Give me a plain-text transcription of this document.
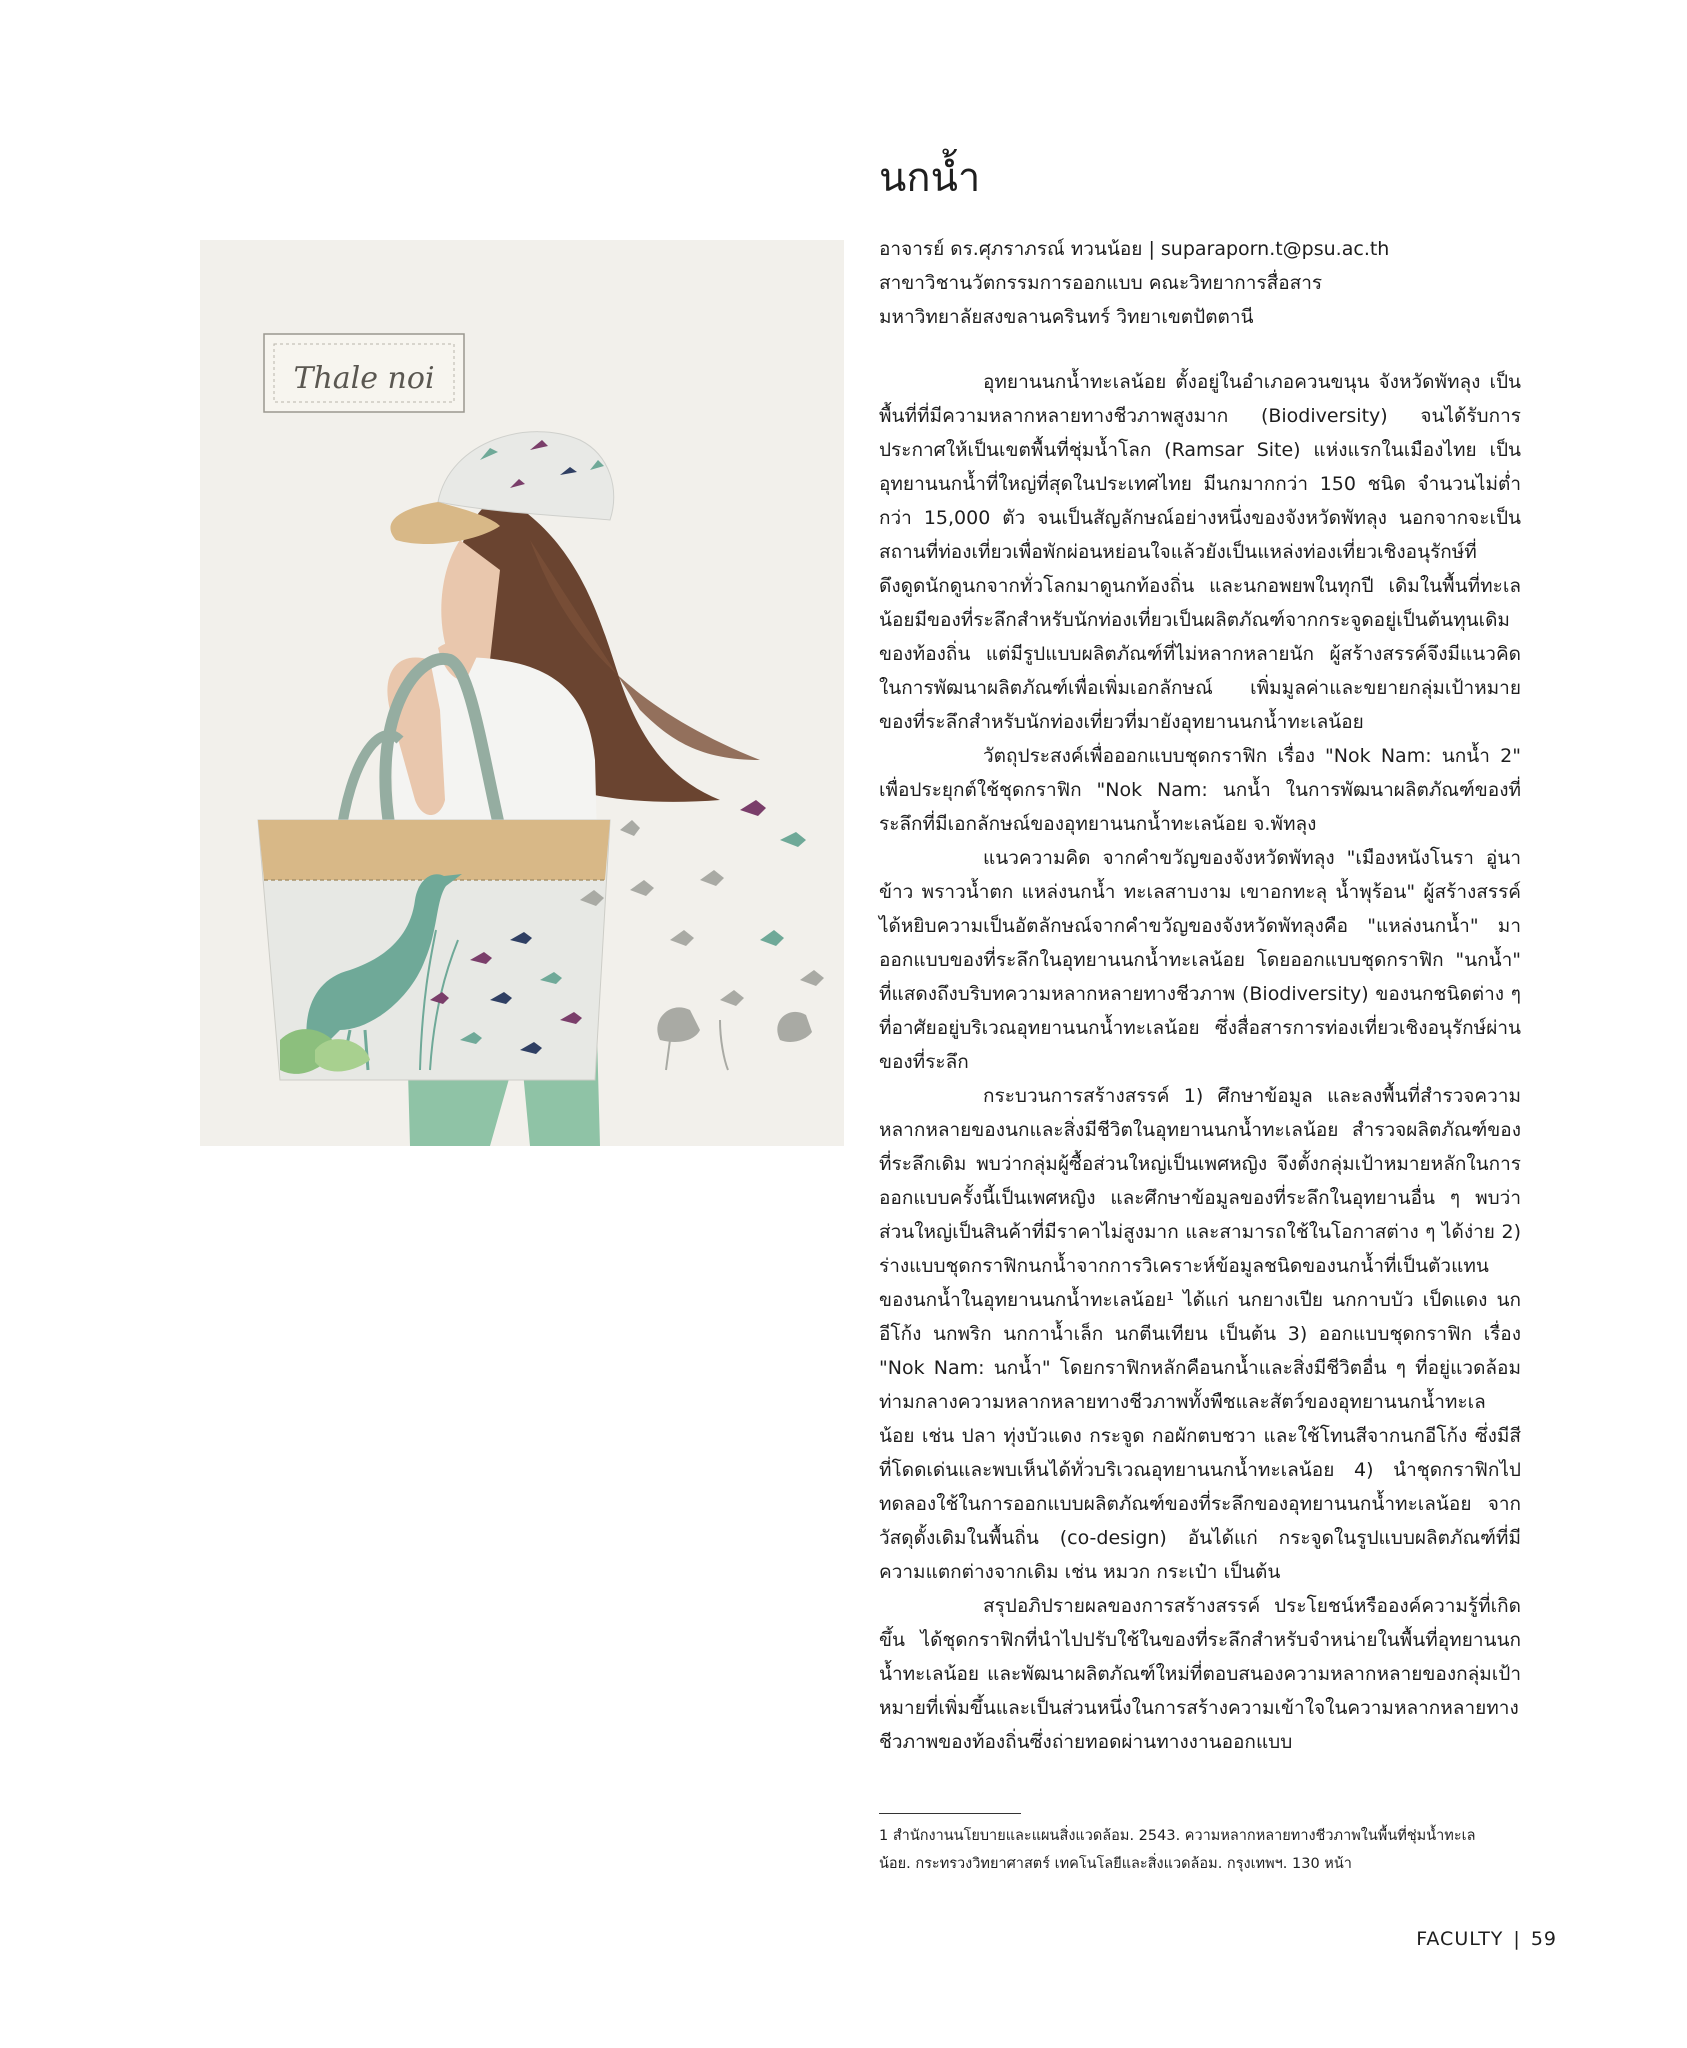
Thale noi
นกน้ำ
อาจารย์ ดร.ศุภราภรณ์ ทวนน้อย | suparaporn.t@psu.ac.th
สาขาวิชานวัตกรรมการออกแบบ คณะวิทยาการสื่อสาร
มหาวิทยาลัยสงขลานครินทร์ วิทยาเขตปัตตานี

อุทยานนกน้ำทะเลน้อย ตั้งอยู่ในอำเภอควนขนุน จังหวัดพัทลุง เป็นพื้นที่ที่มีความหลากหลายทางชีวภาพสูงมาก (Biodiversity) จนได้รับการประกาศให้เป็นเขตพื้นที่ชุ่มน้ำโลก (Ramsar Site) แห่งแรกในเมืองไทย เป็นอุทยานนกน้ำที่ใหญ่ที่สุดในประเทศไทย มีนกมากกว่า 150 ชนิด จำนวนไม่ต่ำกว่า 15,000 ตัว จนเป็นสัญลักษณ์อย่างหนึ่งของจังหวัดพัทลุง นอกจากจะเป็นสถานที่ท่องเที่ยวเพื่อพักผ่อนหย่อนใจแล้วยังเป็นแหล่งท่องเที่ยวเชิงอนุรักษ์ที่ดึงดูดนักดูนกจากทั่วโลกมาดูนกท้องถิ่น และนกอพยพในทุกปี เดิมในพื้นที่ทะเลน้อยมีของที่ระลึกสำหรับนักท่องเที่ยวเป็นผลิตภัณฑ์จากกระจูดอยู่เป็นต้นทุนเดิมของท้องถิ่น แต่มีรูปแบบผลิตภัณฑ์ที่ไม่หลากหลายนัก ผู้สร้างสรรค์จึงมีแนวคิดในการพัฒนาผลิตภัณฑ์เพื่อเพิ่มเอกลักษณ์ เพิ่มมูลค่าและขยายกลุ่มเป้าหมายของที่ระลึกสำหรับนักท่องเที่ยวที่มายังอุทยานนกน้ำทะเลน้อย

วัตถุประสงค์เพื่อออกแบบชุดกราฟิก เรื่อง "Nok Nam: นกน้ำ 2" เพื่อประยุกต์ใช้ชุดกราฟิก "Nok Nam: นกน้ำ ในการพัฒนาผลิตภัณฑ์ของที่ระลึกที่มีเอกลักษณ์ของอุทยานนกน้ำทะเลน้อย จ.พัทลุง

แนวความคิด จากคำขวัญของจังหวัดพัทลุง "เมืองหนังโนรา อู่นาข้าว พราวน้ำตก แหล่งนกน้ำ ทะเลสาบงาม เขาอกทะลุ น้ำพุร้อน" ผู้สร้างสรรค์ได้หยิบความเป็นอัตลักษณ์จากคำขวัญของจังหวัดพัทลุงคือ "แหล่งนกน้ำ" มาออกแบบของที่ระลึกในอุทยานนกน้ำทะเลน้อย โดยออกแบบชุดกราฟิก "นกน้ำ" ที่แสดงถึงบริบทความหลากหลายทางชีวภาพ (Biodiversity) ของนกชนิดต่าง ๆ ที่อาศัยอยู่บริเวณอุทยานนกน้ำทะเลน้อย ซึ่งสื่อสารการท่องเที่ยวเชิงอนุรักษ์ผ่านของที่ระลึก

กระบวนการสร้างสรรค์ 1) ศึกษาข้อมูล และลงพื้นที่สำรวจความหลากหลายของนกและสิ่งมีชีวิตในอุทยานนกน้ำทะเลน้อย สำรวจผลิตภัณฑ์ของที่ระลึกเดิม พบว่ากลุ่มผู้ซื้อส่วนใหญ่เป็นเพศหญิง จึงตั้งกลุ่มเป้าหมายหลักในการออกแบบครั้งนี้เป็นเพศหญิง และศึกษาข้อมูลของที่ระลึกในอุทยานอื่น ๆ พบว่าส่วนใหญ่เป็นสินค้าที่มีราคาไม่สูงมาก และสามารถใช้ในโอกาสต่าง ๆ ได้ง่าย 2) ร่างแบบชุดกราฟิกนกน้ำจากการวิเคราะห์ข้อมูลชนิดของนกน้ำที่เป็นตัวแทนของนกน้ำในอุทยานนกน้ำทะเลน้อย¹ ได้แก่ นกยางเปีย นกกาบบัว เป็ดแดง นกอีโก้ง นกพริก นกกาน้ำเล็ก นกตีนเทียน เป็นต้น 3) ออกแบบชุดกราฟิก เรื่อง "Nok Nam: นกน้ำ" โดยกราฟิกหลักคือนกน้ำและสิ่งมีชีวิตอื่น ๆ ที่อยู่แวดล้อมท่ามกลางความหลากหลายทางชีวภาพทั้งพืชและสัตว์ของอุทยานนกน้ำทะเลน้อย เช่น ปลา ทุ่งบัวแดง กระจูด กอผักตบชวา และใช้โทนสีจากนกอีโก้ง ซึ่งมีสีที่โดดเด่นและพบเห็นได้ทั่วบริเวณอุทยานนกน้ำทะเลน้อย 4) นำชุดกราฟิกไปทดลองใช้ในการออกแบบผลิตภัณฑ์ของที่ระลึกของอุทยานนกน้ำทะเลน้อย จากวัสดุดั้งเดิมในพื้นถิ่น (co-design) อันได้แก่ กระจูดในรูปแบบผลิตภัณฑ์ที่มีความแตกต่างจากเดิม เช่น หมวก กระเป๋า เป็นต้น

สรุปอภิปรายผลของการสร้างสรรค์ ประโยชน์หรือองค์ความรู้ที่เกิดขึ้น ได้ชุดกราฟิกที่นำไปปรับใช้ในของที่ระลึกสำหรับจำหน่ายในพื้นที่อุทยานนกน้ำทะเลน้อย และพัฒนาผลิตภัณฑ์ใหม่ที่ตอบสนองความหลากหลายของกลุ่มเป้าหมายที่เพิ่มขึ้นและเป็นส่วนหนึ่งในการสร้างความเข้าใจในความหลากหลายทางชีวภาพของท้องถิ่นซึ่งถ่ายทอดผ่านทางงานออกแบบ

1 สำนักงานนโยบายและแผนสิ่งแวดล้อม. 2543. ความหลากหลายทางชีวภาพในพื้นที่ชุ่มน้ำทะเล
น้อย. กระทรวงวิทยาศาสตร์ เทคโนโลยีและสิ่งแวดล้อม. กรุงเทพฯ. 130 หน้า
FACULTY | 59
